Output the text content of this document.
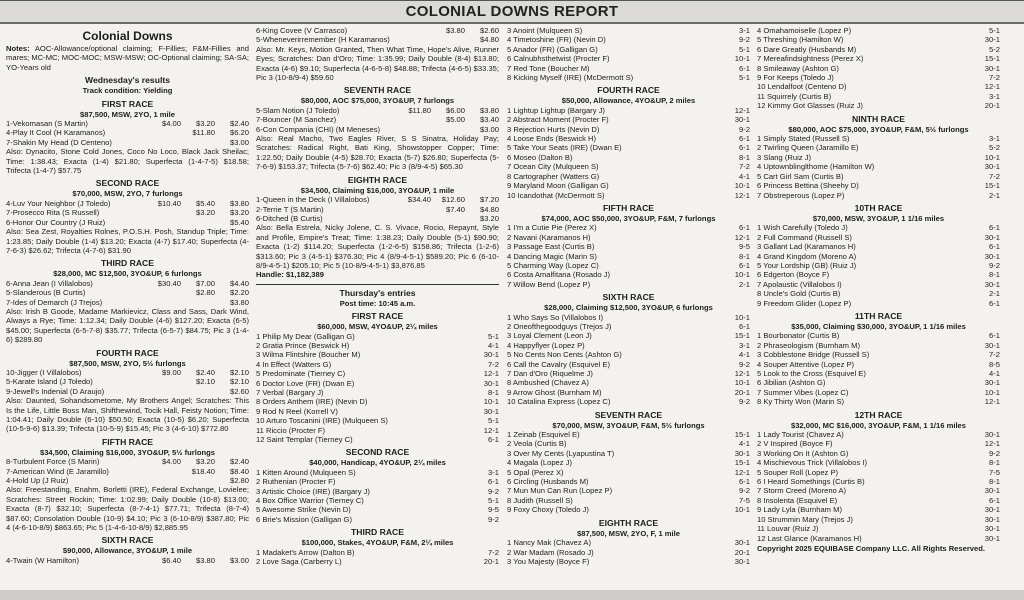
COLONIAL DOWNS REPORT
Colonial Downs
Notes: AOC-Allowance/optional claiming; F-Fillies; F&M-Fillies and mares; MC-MC; MOC-MOC; MSW-MSW; OC-Optional claiming; SA-SA; YO-Years old
Wednesday's results
Track condition: Yielding
FIRST RACE
$87,500, MSW, 2YO, 1 mile
1-Vekomasan (S Martin)	$4.00	$3.20	$2.40
4-Play It Cool (H Karamanos)	$11.80	$6.20
7-Shakin My Head (D Centeno)	$3.00
Also: Dynacito, Stone Cold Jones, Coco No Loco, Black Jack Sheilac; Time: 1:38.43; Exacta (1-4) $21.80; Superfecta (1-4-7-5) $18.58; Trifecta (1-4-7) $57.75
SECOND RACE
$70,000, MSW, 2YO, 7 furlongs
4-Luv Your Neighbor (J Toledo)	$10.40	$5.40	$3.80
7-Prosecco Rita (S Russell)	$3.20	$3.20
6-Honor Our Country (J Ruiz)	$5.40
Also: Sea Zest, Royalties Rolnes, P.O.S.H. Posh, Standup Triple; Time: 1:23.85; Daily Double (1-4) $13.20; Exacta (4-7) $17.40; Superfecta (4-7-6-3) $26.62; Trifecta (4-7-6) $31.90
THIRD RACE
$28,000, MC $12,500, 3YO&UP, 6 furlongs
6-Anna Jean (I Villalobos)	$30.40	$7.00	$4.40
5-Slanderous (B Curtis)	$2.80	$2.20
7-Ides of Demarch (J Trejos)	$3.80
Also: Irish B Goode, Madame Markievicz, Class and Sass, Dark Wind, Always a Rye; Time: 1:12.34; Daily Double (4-6) $127.20; Exacta (6-5) $45.00; Superfecta (6-5-7-8) $35.77; Trifecta (6-5-7) $84.75; Pic 3 (1-4-6) $289.80
FOURTH RACE
$87,500, MSW, 2YO, 5½ furlongs
10-Jigger (I Villalobos)	$9.00	$2.40	$2.10
5-Karate Island (J Toledo)	$2.10	$2.10
9-Jewell's Indenial (D Araujo)	$2.60
Also: Daunted, Sohandsometome, My Brothers Angel; Scratches: This Is the Life, Little Boss Man, Shifthewind, Tocik Hall, Feisty Notion; Time: 1:04.41; Daily Double (6-10) $50.50; Exacta (10-5) $6.20; Superfecta (10-5-9-6) $13.39; Trifecta (10-5-9) $15.45; Pic 3 (4-6-10) $772.80
FIFTH RACE
$34,500, Claiming $16,000, 3YO&UP, 5½ furlongs
8-Turbulent Force (S Marin)	$4.00	$3.20	$2.40
7-American Wind (E Jaramillo)	$18.40	$8.40
4-Hold Up (J Ruiz)	$2.80
Also: Freestanding, Enahm, Borletti (IRE), Federal Exchange, Lovielee; Scratches: Street Rockin; Time: 1:02.99; Daily Double (10-8) $13.00; Exacta (8-7) $32.10; Superfecta (8-7-4-1) $77.71; Trifecta (8-7-4) $87.60; Consolation Double (10-9) $4.10; Pic 3 (6-10-8/9) $387.80; Pic 4 (4-6-10-8/9) $863.65; Pic 5 (1-4-6-10-8/9) $2,885.95
SIXTH RACE
$90,000, Allowance, 3YO&UP, 1 mile
4-Twain (W Hamilton)	$6.40	$3.80	$3.00
6-King Covee (V Carrasco)	$3.80	$2.60
5-Wheneverirremember (H Karamanos)	$4.80
Also: Mr. Keys, Motion Granted, Then What Time, Hope's Alive, Runner Eyes; Scratches: Dan d'Oro; Time: 1:35.99; Daily Double (8-4) $13.80; Exacta (4-6) $9.10; Superfecta (4-6-5-8) $48.88; Trifecta (4-6-5) $33.35; Pic 3 (10-8/9-4) $59.60
SEVENTH RACE
$80,000, AOC $75,000, 3YO&UP, 7 furlongs
5-Slam Notion (J Toledo)	$11.80	$6.00	$3.80
7-Bouncer (M Sanchez)	$5.00	$3.40
6-Con Compania (CHI) (M Meneses)	$3.00
Also: Real Macho, Two Eagles River, S S Sinatra, Holiday Pay; Scratches: Radical Right, Bati King, Showstopper Copper; Time: 1:22.50; Daily Double (4-5) $28.70; Exacta (5-7) $26.80; Superfecta (5-7-6-9) $153.37; Trifecta (5-7-6) $62.40; Pic 3 (8/9-4-5) $65.30
EIGHTH RACE
$34,500, Claiming $16,000, 3YO&UP, 1 mile
1-Queen in the Deck (I Villalobos)	$34.40	$12.60	$7.20
2-Terrie T (S Martin)	$7.40	$4.80
6-Ditched (B Curtis)	$3.20
Also: Bella Estrela, Nicky Jolene, C. S. Vivace, Rocio, Repaynt, Style and Profile, Empire's Treat; Time: 1:38.23; Daily Double (5-1) $90.90; Exacta (1-2) $114.20; Superfecta (1-2-6-5) $158.86; Trifecta (1-2-6) $313.60; Pic 3 (4-5-1) $376.30; Pic 4 (8/9-4-5-1) $589.20; Pic 6 (6-10-8/9-4-5-1) $205.10; Pic 5 (10-8/9-4-5-1) $3,876.85
Handle: $1,182,389
Thursday's entries
Post time: 10:45 a.m.
FIRST RACE
$60,000, MSW, 4YO&UP, 2¼ miles
1 Philip My Dear (Galligan G)	5-1
2 Gratia Prince (Beswick H)	4-1
3 Wilma Flintshire (Boucher M)	30-1
4 In Effect (Watters G)	7-2
5 Predominate (Tierney C)	12-1
6 Doctor Love (FR) (Dwan E)	30-1
7 Verbal (Bargary J)	8-1
8 Orders Anthem (IRE) (Nevin D)	10-1
9 Rod N Reel (Korrell V)	30-1
10 Arturo Toscanini (IRE) (Mulqueen S)	5-1
11 Riccio (Procter F)	12-1
12 Saint Templar (Tierney C)	6-1
SECOND RACE
$40,000, Handicap, 4YO&UP, 2¼ miles
1 Kitten Around (Mulqueen S)	3-1
2 Ruthenian (Procter F)	6-1
3 Artistic Choice (IRE) (Bargary J)	9-2
4 Box Office Warrior (Tierney C)	5-1
5 Awesome Strike (Nevin D)	9-5
6 Brie's Mission (Galligan G)	9-2
THIRD RACE
$100,000, Stakes, 4YO&UP, F&M, 2¼ miles
1 Madaket's Arrow (Dalton B)	7-2
2 Love Saga (Carberry L)	20-1
3 Anoint (Mulqueen S)	3-1
4 Timetoshine (FR) (Nevin D)	9-2
5 Anador (FR) (Galligan G)	5-1
6 Calnubhsthetwist (Procter F)	10-1
7 Red Tone (Boucher M)	6-1
8 Kicking Myself (IRE) (McDermott S)	5-1
FOURTH RACE
$50,000, Allowance, 4YO&UP, 2 miles
1 Lightup Lightup (Bargary J)	12-1
2 Abstract Moment (Procter F)	30-1
3 Rejection Hurts (Nevin D)	9-2
4 Loose Ends (Beswick H)	6-1
5 Take Your Seats (IRE) (Dwan E)	6-1
6 Moseo (Dalton B)	8-1
7 Ocean City (Mulqueen S)	7-2
8 Cartographer (Watters G)	4-1
9 Maryland Moon (Galligan G)	10-1
10 Icandothat (McDermott S)	12-1
FIFTH RACE
$74,000, AOC $50,000, 3YO&UP, F&M, 7 furlongs
1 I'm a Cutie Pie (Perez X)	6-1
2 Navani (Karamanos H)	12-1
3 Passage East (Curtis B)	9-5
4 Dancing Magic (Marin S)	8-1
5 Charming Way (Lopez C)	6-1
6 Costa Amalfitana (Rosado J)	10-1
7 Willow Bend (Lopez P)	2-1
SIXTH RACE
$28,000, Claiming $12,500, 3YO&UP, 6 furlongs
1 Who Says So (Villalobos I)	10-1
2 Oneofthegoodguys (Trejos J)	6-1
3 Loyal Clement (Leon J)	15-1
4 Happyflyer (Lopez P)	3-1
5 No Cents Non Cents (Ashton G)	4-1
6 Call the Cavalry (Esquivel E)	9-2
7 Dan d'Oro (Riquelme J)	12-1
8 Ambushed (Chavez A)	10-1
9 Arrow Ghost (Burnham M)	20-1
10 Catalina Express (Lopez C)	9-2
SEVENTH RACE
$70,000, MSW, 3YO&UP, F&M, 5½ furlongs
1 Zeinab (Esquivel E)	15-1
2 Veola (Curtis B)	4-1
3 Over My Cents (Lyapustina T)	30-1
4 Magala (Lopez J)	15-1
5 Opal (Perez X)	12-1
6 Circling (Husbands M)	6-1
7 Mun Mun Can Run (Lopez P)	9-2
8 Judith (Russell S)	7-5
9 Foxy Choxy (Toledo J)	10-1
EIGHTH RACE
$87,500, MSW, 2YO, F, 1 mile
1 Nancy Mak (Chavez A)	30-1
2 War Madam (Rosado J)	20-1
3 You Majesty (Boyce F)	30-1
4 Omahamoiselle (Lopez P)	5-1
5 Threshing (Hamilton W)	30-1
6 Dare Greatly (Husbands M)	5-2
7 Mereafindsightness (Perez X)	15-1
8 Smileaway (Ashton G)	30-1
9 For Keeps (Toledo J)	7-2
10 Lendalfoot (Centeno D)	12-1
11 Squirrely (Curtis B)	3-1
12 Kimmy Got Glasses (Ruiz J)	20-1
NINTH RACE
$80,000, AOC $75,000, 3YO&UP, F&M, 5½ furlongs
1 Simply Stated (Russell S)	3-1
2 Twirling Queen (Jaramillo E)	5-2
3 Slang (Ruiz J)	10-1
4 Uptownblinglthome (Hamilton W)	30-1
5 Cart Girl Sam (Curtis B)	7-2
6 Princess Bettina (Sheehy D)	15-1
7 Obstreperous (Lopez P)	2-1
10TH RACE
$70,000, MSW, 3YO&UP, 1 1/16 miles
1 Wish Carefully (Toledo J)	6-1
2 Full Command (Russell S)	30-1
3 Gallant Lad (Karamanos H)	6-1
4 Grand Kingdom (Moreno A)	30-1
5 Your Lordship (GB) (Ruiz J)	9-2
6 Edgerton (Boyce F)	8-1
7 Apolaustic (Villalobos I)	30-1
8 Uncle's Gold (Curtis B)	2-1
9 Freedom Glider (Lopez P)	6-1
11TH RACE
$35,000, Claiming $30,000, 3YO&UP, 1 1/16 miles
1 Bourbonator (Curtis B)	6-1
2 Phraseologism (Burnham M)	30-1
3 Cobblestone Bridge (Russell S)	7-2
4 Souper Attentive (Lopez P)	8-5
5 Look to the Cross (Esquivel E)	4-1
6 Jibilian (Ashton G)	30-1
7 Summer Vibes (Lopez C)	10-1
8 Ky Thirty Won (Marin S)	12-1
12TH RACE
$32,000, MC $16,000, 3YO&UP, F&M, 1 1/16 miles
1 Lady Tourist (Chavez A)	30-1
2 V Inspired (Boyce F)	12-1
3 Working On It (Ashton G)	9-2
4 Mischievous Trick (Villalobos I)	8-1
5 Souper Roll (Lopez P)	7-5
6 I Heard Somethings (Curtis B)	8-1
7 Storm Creed (Moreno A)	30-1
8 Insolenta (Esquivel E)	6-1
9 Lady Lyla (Burnham M)	30-1
10 Strummin Mary (Trejos J)	30-1
11 Louvar (Ruiz J)	30-1
12 Last Glance (Karamanos H)	30-1
Copyright 2025 EQUIBASE Company LLC. All Rights Reserved.
